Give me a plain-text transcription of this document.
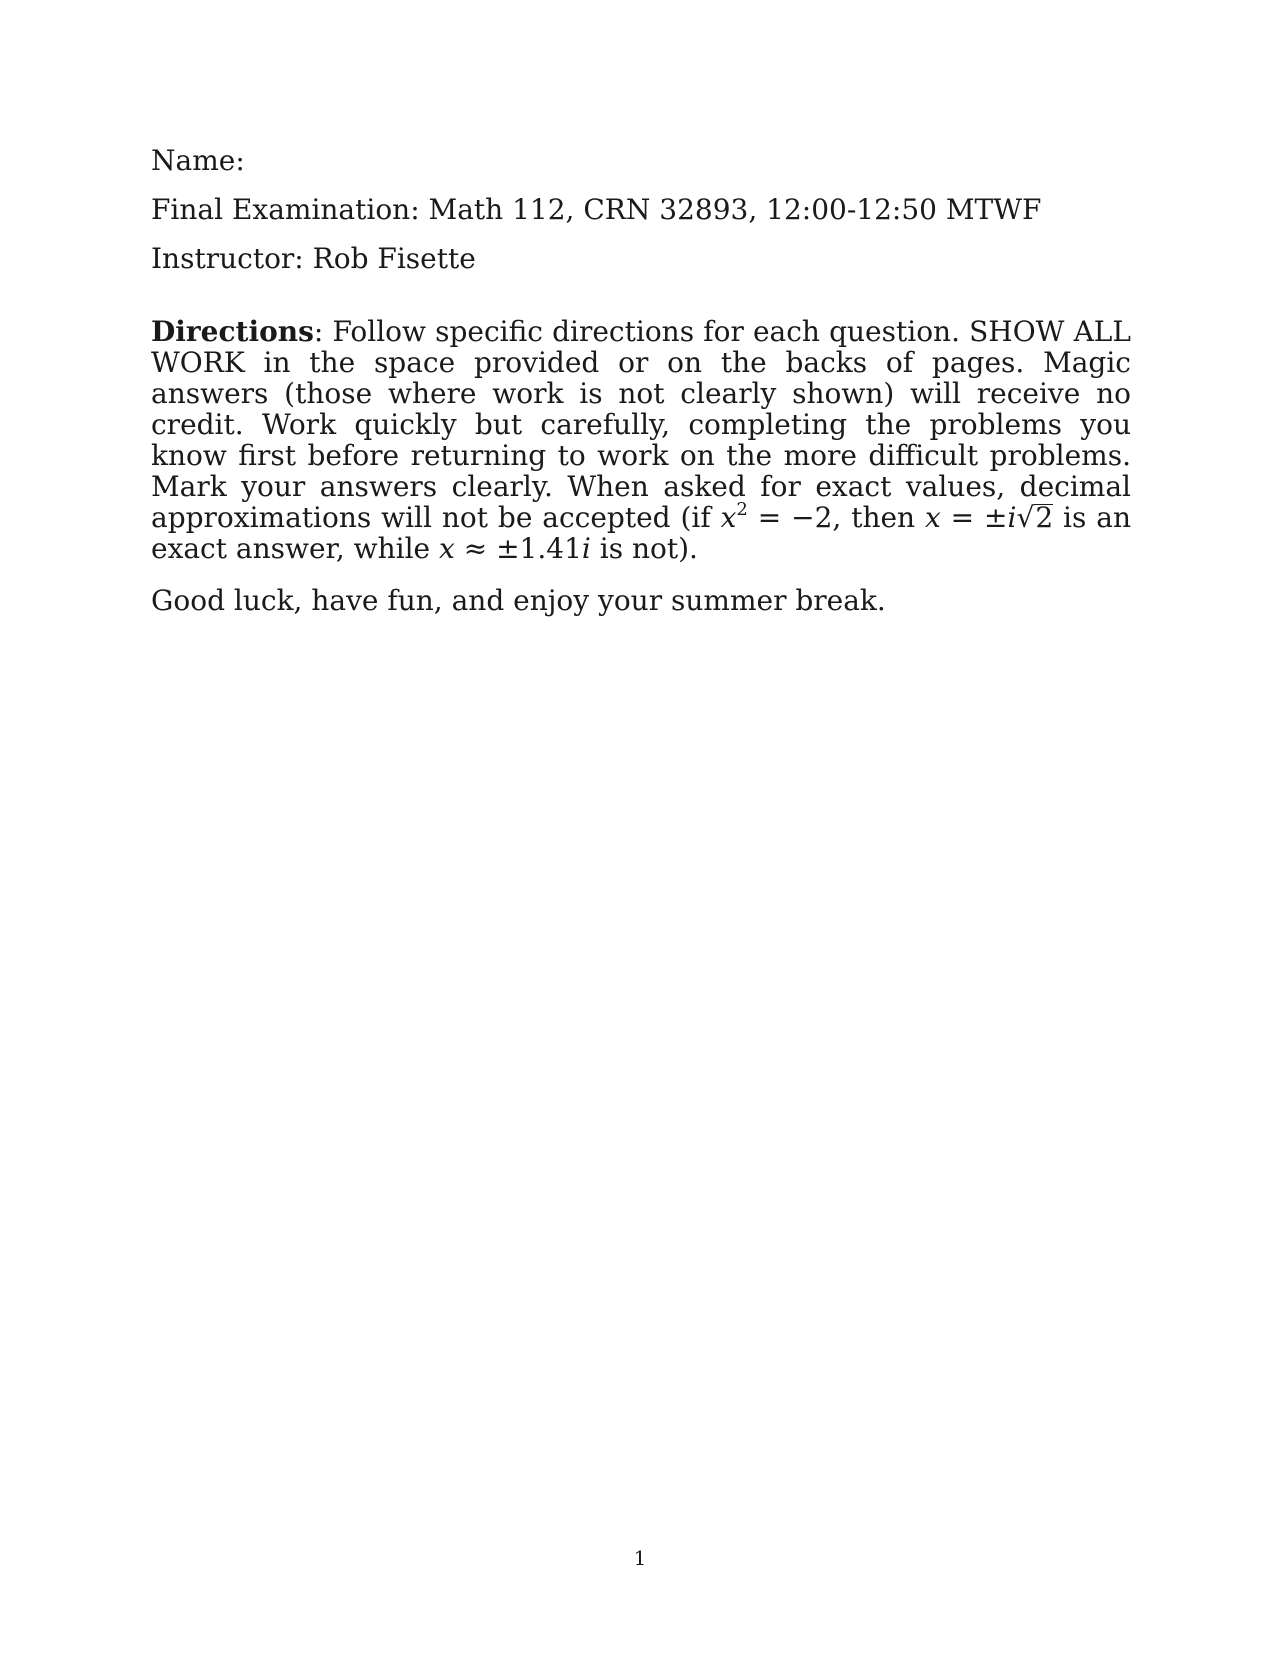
Name:
Final Examination: Math 112, CRN 32893, 12:00-12:50 MTWF
Instructor: Rob Fisette
Directions: Follow specific directions for each question. SHOW ALL WORK in the space provided or on the backs of pages. Magic answers (those where work is not clearly shown) will receive no credit. Work quickly but carefully, completing the problems you know first before returning to work on the more difficult problems. Mark your answers clearly. When asked for exact values, decimal approximations will not be accepted (if $x^2 = -2$, then x = ±i√2 is an exact answer, while x ≈ ±1.41i is not).
Good luck, have fun, and enjoy your summer break.
1
